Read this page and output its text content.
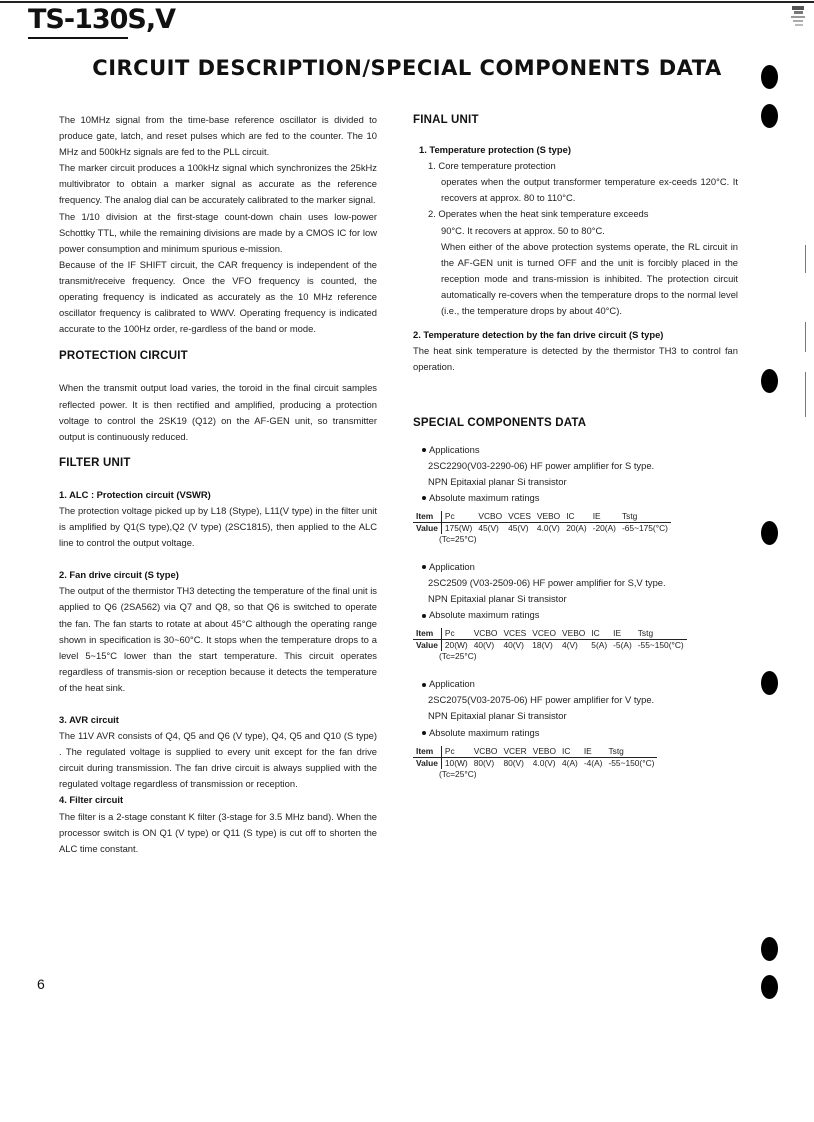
TS-130S,V
CIRCUIT DESCRIPTION/SPECIAL COMPONENTS DATA

The 10MHz signal from the time-base reference oscillator is divided to produce gate, latch, and reset pulses which are fed to the counter. The 10 MHz and 500kHz signals are fed to the PLL circuit.

The marker circuit produces a 100kHz signal which synchronizes the 25kHz multivibrator to obtain a marker signal as accurate as the reference frequency. The analog dial can be accurately calibrated to the marker signal.

The 1/10 division at the first-stage count-down chain uses low-power Schottky TTL, while the remaining divisions are made by a CMOS IC for low power consumption and minimum spurious e-mission.

Because of the IF SHIFT circuit, the CAR frequency is independent of the transmit/receive frequency. Once the VFO frequency is counted, the operating frequency is indicated as accurately as the 10 MHz reference oscillator frequency is calibrated to WWV. Operating frequency is indicated accurate to the 100Hz order, re-gardless of the band or mode.

PROTECTION CIRCUIT

When the transmit output load varies, the toroid in the final circuit samples reflected power. It is then rectified and amplified, producing a protection voltage to control the 2SK19 (Q12) on the AF-GEN unit, so transmitter output is continuously reduced.

FILTER UNIT
1. ALC : Protection circuit (VSWR)

The protection voltage picked up by L18 (Stype), L11(V type) in the filter unit is amplified by Q1(S type),Q2 (V type) (2SC1815), then applied to the ALC line to control the output voltage.

2. Fan drive circuit (S type)

The output of the thermistor TH3 detecting the temperature of the final unit is applied to Q6 (2SA562) via Q7 and Q8, so that Q6 is switched to operate the fan. The fan starts to rotate at about 45°C although the operating range shown in specification is 30~60°C. It stops when the temperature drops to a level 5~15°C lower than the start temperature. This circuit operates regardless of transmis-sion or reception because it detects the temperature of the heat sink.

3. AVR circuit

The 11V AVR consists of Q4, Q5 and Q6 (V type), Q4, Q5 and Q10 (S type) . The regulated voltage is supplied to every unit except for the fan drive circuit during transmission. The fan drive circuit is always supplied with the regulated voltage regardless of transmission or reception.

4. Filter circuit

The filter is a 2-stage constant K filter (3-stage for 3.5 MHz band). When the processor switch is ON Q1 (V type) or Q11 (S type) is cut off to shorten the ALC time constant.

FINAL UNIT
1. Temperature protection (S type)

1. Core temperature protection

operates when the output transformer temperature ex-ceeds 120°C. It recovers at approx. 80 to 110°C.

2. Operates when the heat sink temperature exceeds

90°C. It recovers at approx. 50 to 80°C.

When either of the above protection systems operate, the RL circuit in the AF-GEN unit is turned OFF and the unit is forcibly placed in the reception mode and trans-mission is inhibited. The protection circuit automatically re-covers when the temperature drops to the normal level (i.e., the temperature drops by about 40°C).

2. Temperature detection by the fan drive circuit (S type)

The heat sink temperature is detected by the thermistor TH3 to control fan operation.

SPECIAL COMPONENTS DATA

Applications

2SC2290(V03-2290-06) HF power amplifier for S type.

NPN Epitaxial planar Si transistor

Absolute maximum ratings

Item	Pc	VCBO	VCES	VEBO	IC	IE	Tstg
Value	175(W)	45(V)	45(V)	4.0(V)	20(A)	-20(A)	-65~175(°C)

(Tc=25°C)

Application

2SC2509 (V03-2509-06) HF power amplifier for S,V type.

NPN Epitaxial planar Si transistor

Absolute maximum ratings

Item	Pc	VCBO	VCES	VCEO	VEBO	IC	IE	Tstg
Value	20(W)	40(V)	40(V)	18(V)	4(V)	5(A)	-5(A)	-55~150(°C)

(Tc=25°C)

Application

2SC2075(V03-2075-06) HF power amplifier for V type.

NPN Epitaxial planar Si transistor

Absolute maximum ratings

Item	Pc	VCBO	VCER	VEBO	IC	IE	Tstg
Value	10(W)	80(V)	80(V)	4.0(V)	4(A)	-4(A)	-55~150(°C)

(Tc=25°C)

6
